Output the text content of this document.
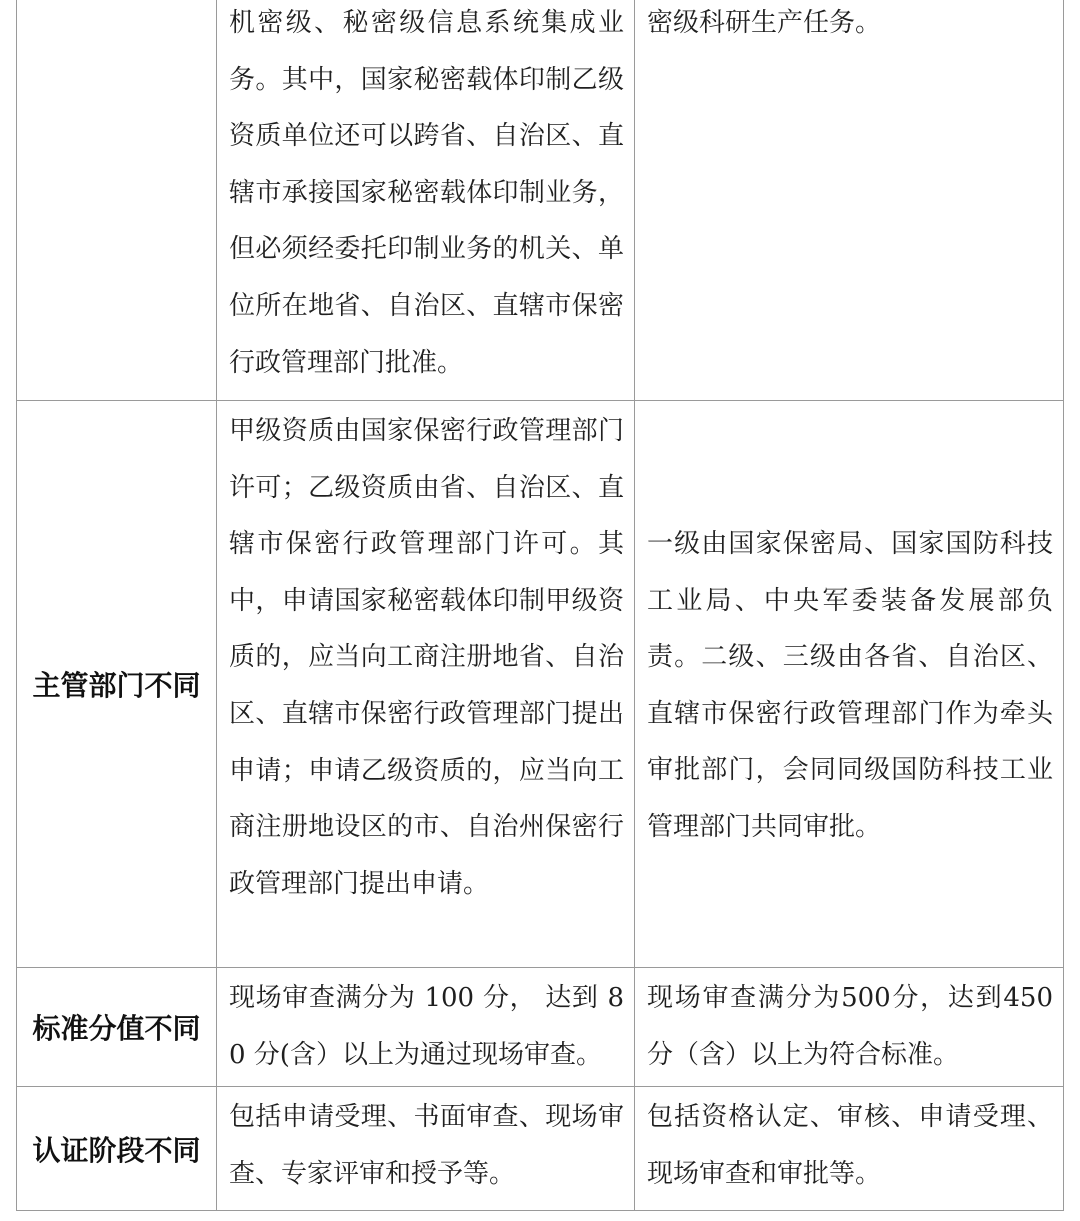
	机密级、秘密级信息系统集成业务。其中，国家秘密载体印制乙级资质单位还可以跨省、自治区、直辖市承接国家秘密载体印制业务，但必须经委托印制业务的机关、单位所在地省、自治区、直辖市保密行政管理部门批准。	密级科研生产任务。

主管部门不同	甲级资质由国家保密行政管理部门许可；乙级资质由省、自治区、直辖市保密行政管理部门许可。其中，申请国家秘密载体印制甲级资质的，应当向工商注册地省、自治区、直辖市保密行政管理部门提出申请；申请乙级资质的，应当向工商注册地设区的市、自治州保密行政管理部门提出申请。	一级由国家保密局、国家国防科技工业局、中央军委装备发展部负责。二级、三级由各省、自治区、直辖市保密行政管理部门作为牵头审批部门，会同同级国防科技工业管理部门共同审批。

标准分值不同	现场审查满分为 100 分， 达到 80 分(含）以上为通过现场审查。	现场审查满分为500分，达到450分（含）以上为符合标准。

认证阶段不同	包括申请受理、书面审查、现场审查、专家评审和授予等。	包括资格认定、审核、申请受理、现场审查和审批等。
